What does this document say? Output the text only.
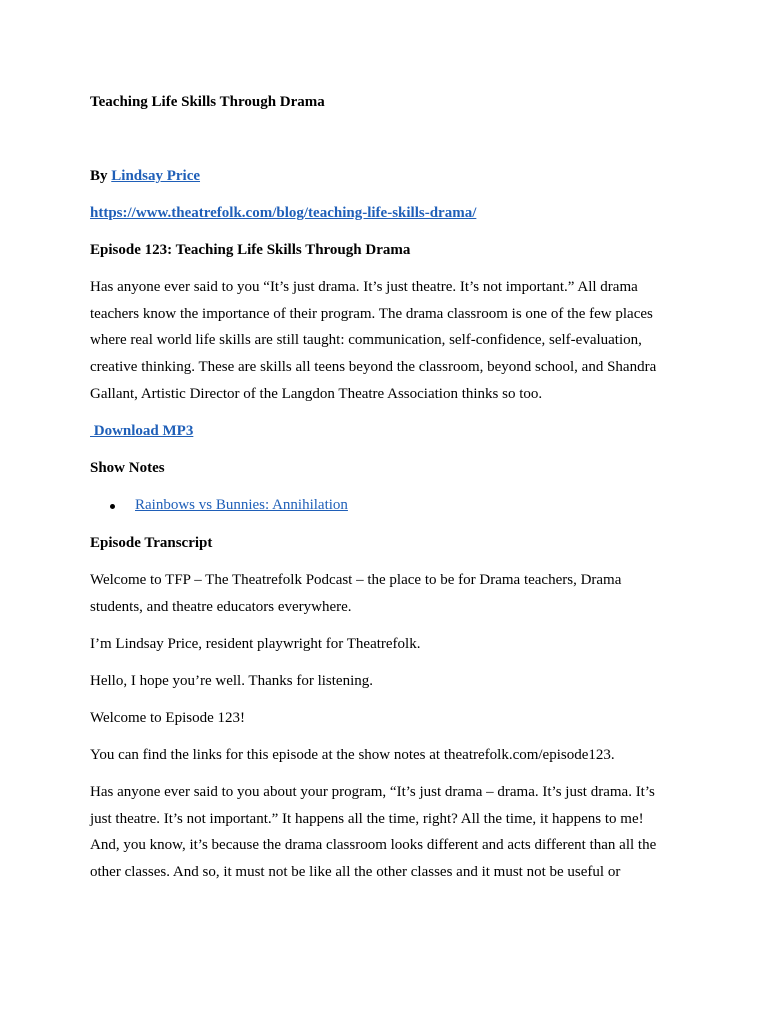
Teaching Life Skills Through Drama
By Lindsay Price
https://www.theatrefolk.com/blog/teaching-life-skills-drama/
Episode 123: Teaching Life Skills Through Drama
Has anyone ever said to you “It’s just drama. It’s just theatre. It’s not important.” All drama
teachers know the importance of their program. The drama classroom is one of the few places
where real world life skills are still taught: communication, self-confidence, self-evaluation,
creative thinking. These are skills all teens beyond the classroom, beyond school, and Shandra
Gallant, Artistic Director of the Langdon Theatre Association thinks so too.
Download MP3
Show Notes
Rainbows vs Bunnies: Annihilation
Episode Transcript
Welcome to TFP – The Theatrefolk Podcast – the place to be for Drama teachers, Drama
students, and theatre educators everywhere.
I’m Lindsay Price, resident playwright for Theatrefolk.
Hello, I hope you’re well. Thanks for listening.
Welcome to Episode 123!
You can find the links for this episode at the show notes at theatrefolk.com/episode123.
Has anyone ever said to you about your program, “It’s just drama – drama. It’s just drama. It’s
just theatre. It’s not important.” It happens all the time, right? All the time, it happens to me!
And, you know, it’s because the drama classroom looks different and acts different than all the
other classes. And so, it must not be like all the other classes and it must not be useful or
